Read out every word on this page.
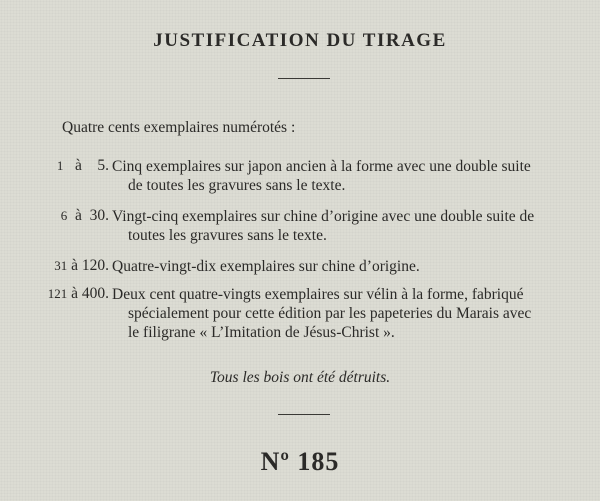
JUSTIFICATION DU TIRAGE
Quatre cents exemplaires numérotés :
1 à 5. Cinq exemplaires sur japon ancien à la forme avec une double suite
de toutes les gravures sans le texte.
6 à 30. Vingt-cinq exemplaires sur chine d’origine avec une double suite de
toutes les gravures sans le texte.
31 à 120. Quatre-vingt-dix exemplaires sur chine d’origine.
121 à 400. Deux cent quatre-vingts exemplaires sur vélin à la forme, fabriqué
spécialement pour cette édition par les papeteries du Marais avec
le filigrane « L’Imitation de Jésus-Christ ».
Tous les bois ont été détruits.
Nº 185
